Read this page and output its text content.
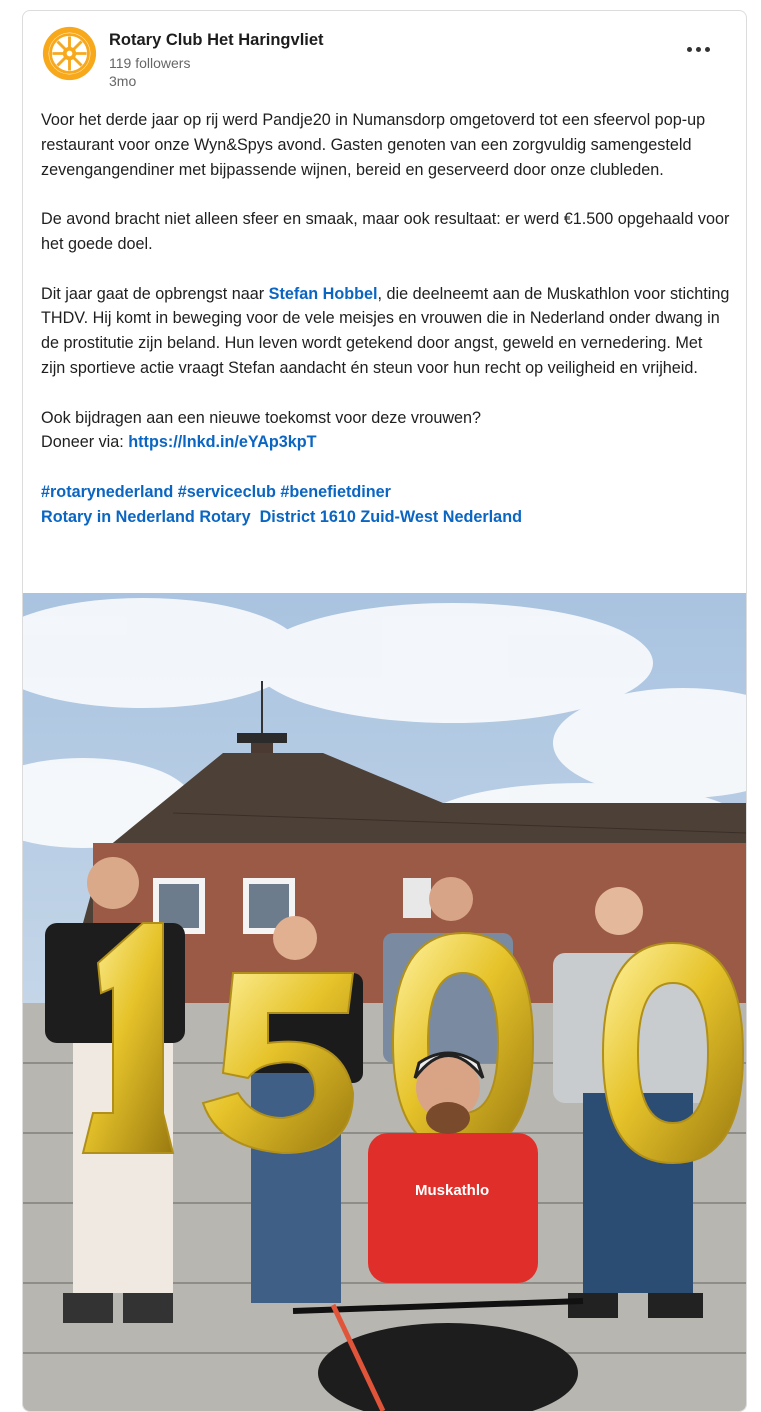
Rotary Club Het Haringvliet
119 followers
3mo

Voor het derde jaar op rij werd Pandje20 in Numansdorp omgetoverd tot een sfeervol pop-up restaurant voor onze Wyn&Spys avond. Gasten genoten van een zorgvuldig samengesteld zevengangendiner met bijpassende wijnen, bereid en geserveerd door onze clubleden.

De avond bracht niet alleen sfeer en smaak, maar ook resultaat: er werd €1.500 opgehaald voor het goede doel.

Dit jaar gaat de opbrengst naar Stefan Hobbel, die deelneemt aan de Muskathlon voor stichting THDV. Hij komt in beweging voor de vele meisjes en vrouwen die in Nederland onder dwang in de prostitutie zijn beland. Hun leven wordt getekend door angst, geweld en vernedering. Met zijn sportieve actie vraagt Stefan aandacht én steun voor hun recht op veiligheid en vrijheid.

Ook bijdragen aan een nieuwe toekomst voor deze vrouwen?
Doneer via: https://lnkd.in/eYAp3kpT

#rotarynederland #serviceclub #benefietdiner
Rotary in Nederland Rotary  District 1610 Zuid-West Nederland

Muskathlo
